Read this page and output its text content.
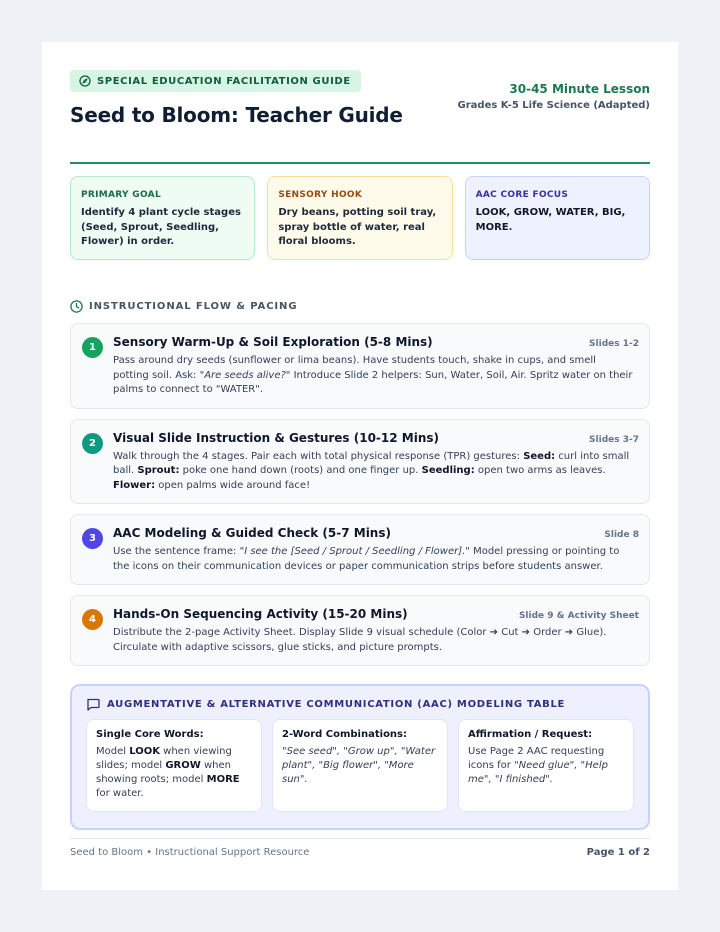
SPECIAL EDUCATION FACILITATION GUIDE
Seed to Bloom: Teacher Guide
30-45 Minute Lesson
Grades K-5 Life Science (Adapted)
PRIMARY GOAL
Identify 4 plant cycle stages (Seed, Sprout, Seedling, Flower) in order.
SENSORY HOOK
Dry beans, potting soil tray, spray bottle of water, real floral blooms.
AAC CORE FOCUS
LOOK, GROW, WATER, BIG, MORE.
INSTRUCTIONAL FLOW & PACING
1	Sensory Warm-Up & Soil Exploration (5-8 Mins)	Slides 1-2
Pass around dry seeds (sunflower or lima beans). Have students touch, shake in cups, and smell potting soil. Ask: "Are seeds alive?" Introduce Slide 2 helpers: Sun, Water, Soil, Air. Spritz water on their palms to connect to "WATER".
2	Visual Slide Instruction & Gestures (10-12 Mins)	Slides 3-7
Walk through the 4 stages. Pair each with total physical response (TPR) gestures: Seed: curl into small ball. Sprout: poke one hand down (roots) and one finger up. Seedling: open two arms as leaves. Flower: open palms wide around face!
3	AAC Modeling & Guided Check (5-7 Mins)	Slide 8
Use the sentence frame: "I see the [Seed / Sprout / Seedling / Flower]." Model pressing or pointing to the icons on their communication devices or paper communication strips before students answer.
4	Hands-On Sequencing Activity (15-20 Mins)	Slide 9 & Activity Sheet
Distribute the 2-page Activity Sheet. Display Slide 9 visual schedule (Color ➔ Cut ➔ Order ➔ Glue). Circulate with adaptive scissors, glue sticks, and picture prompts.
AUGMENTATIVE & ALTERNATIVE COMMUNICATION (AAC) MODELING TABLE
Single Core Words:
Model LOOK when viewing slides; model GROW when showing roots; model MORE for water.
2-Word Combinations:
"See seed", "Grow up", "Water plant", "Big flower", "More sun".
Affirmation / Request:
Use Page 2 AAC requesting icons for "Need glue", "Help me", "I finished".
Seed to Bloom • Instructional Support Resource	Page 1 of 2
